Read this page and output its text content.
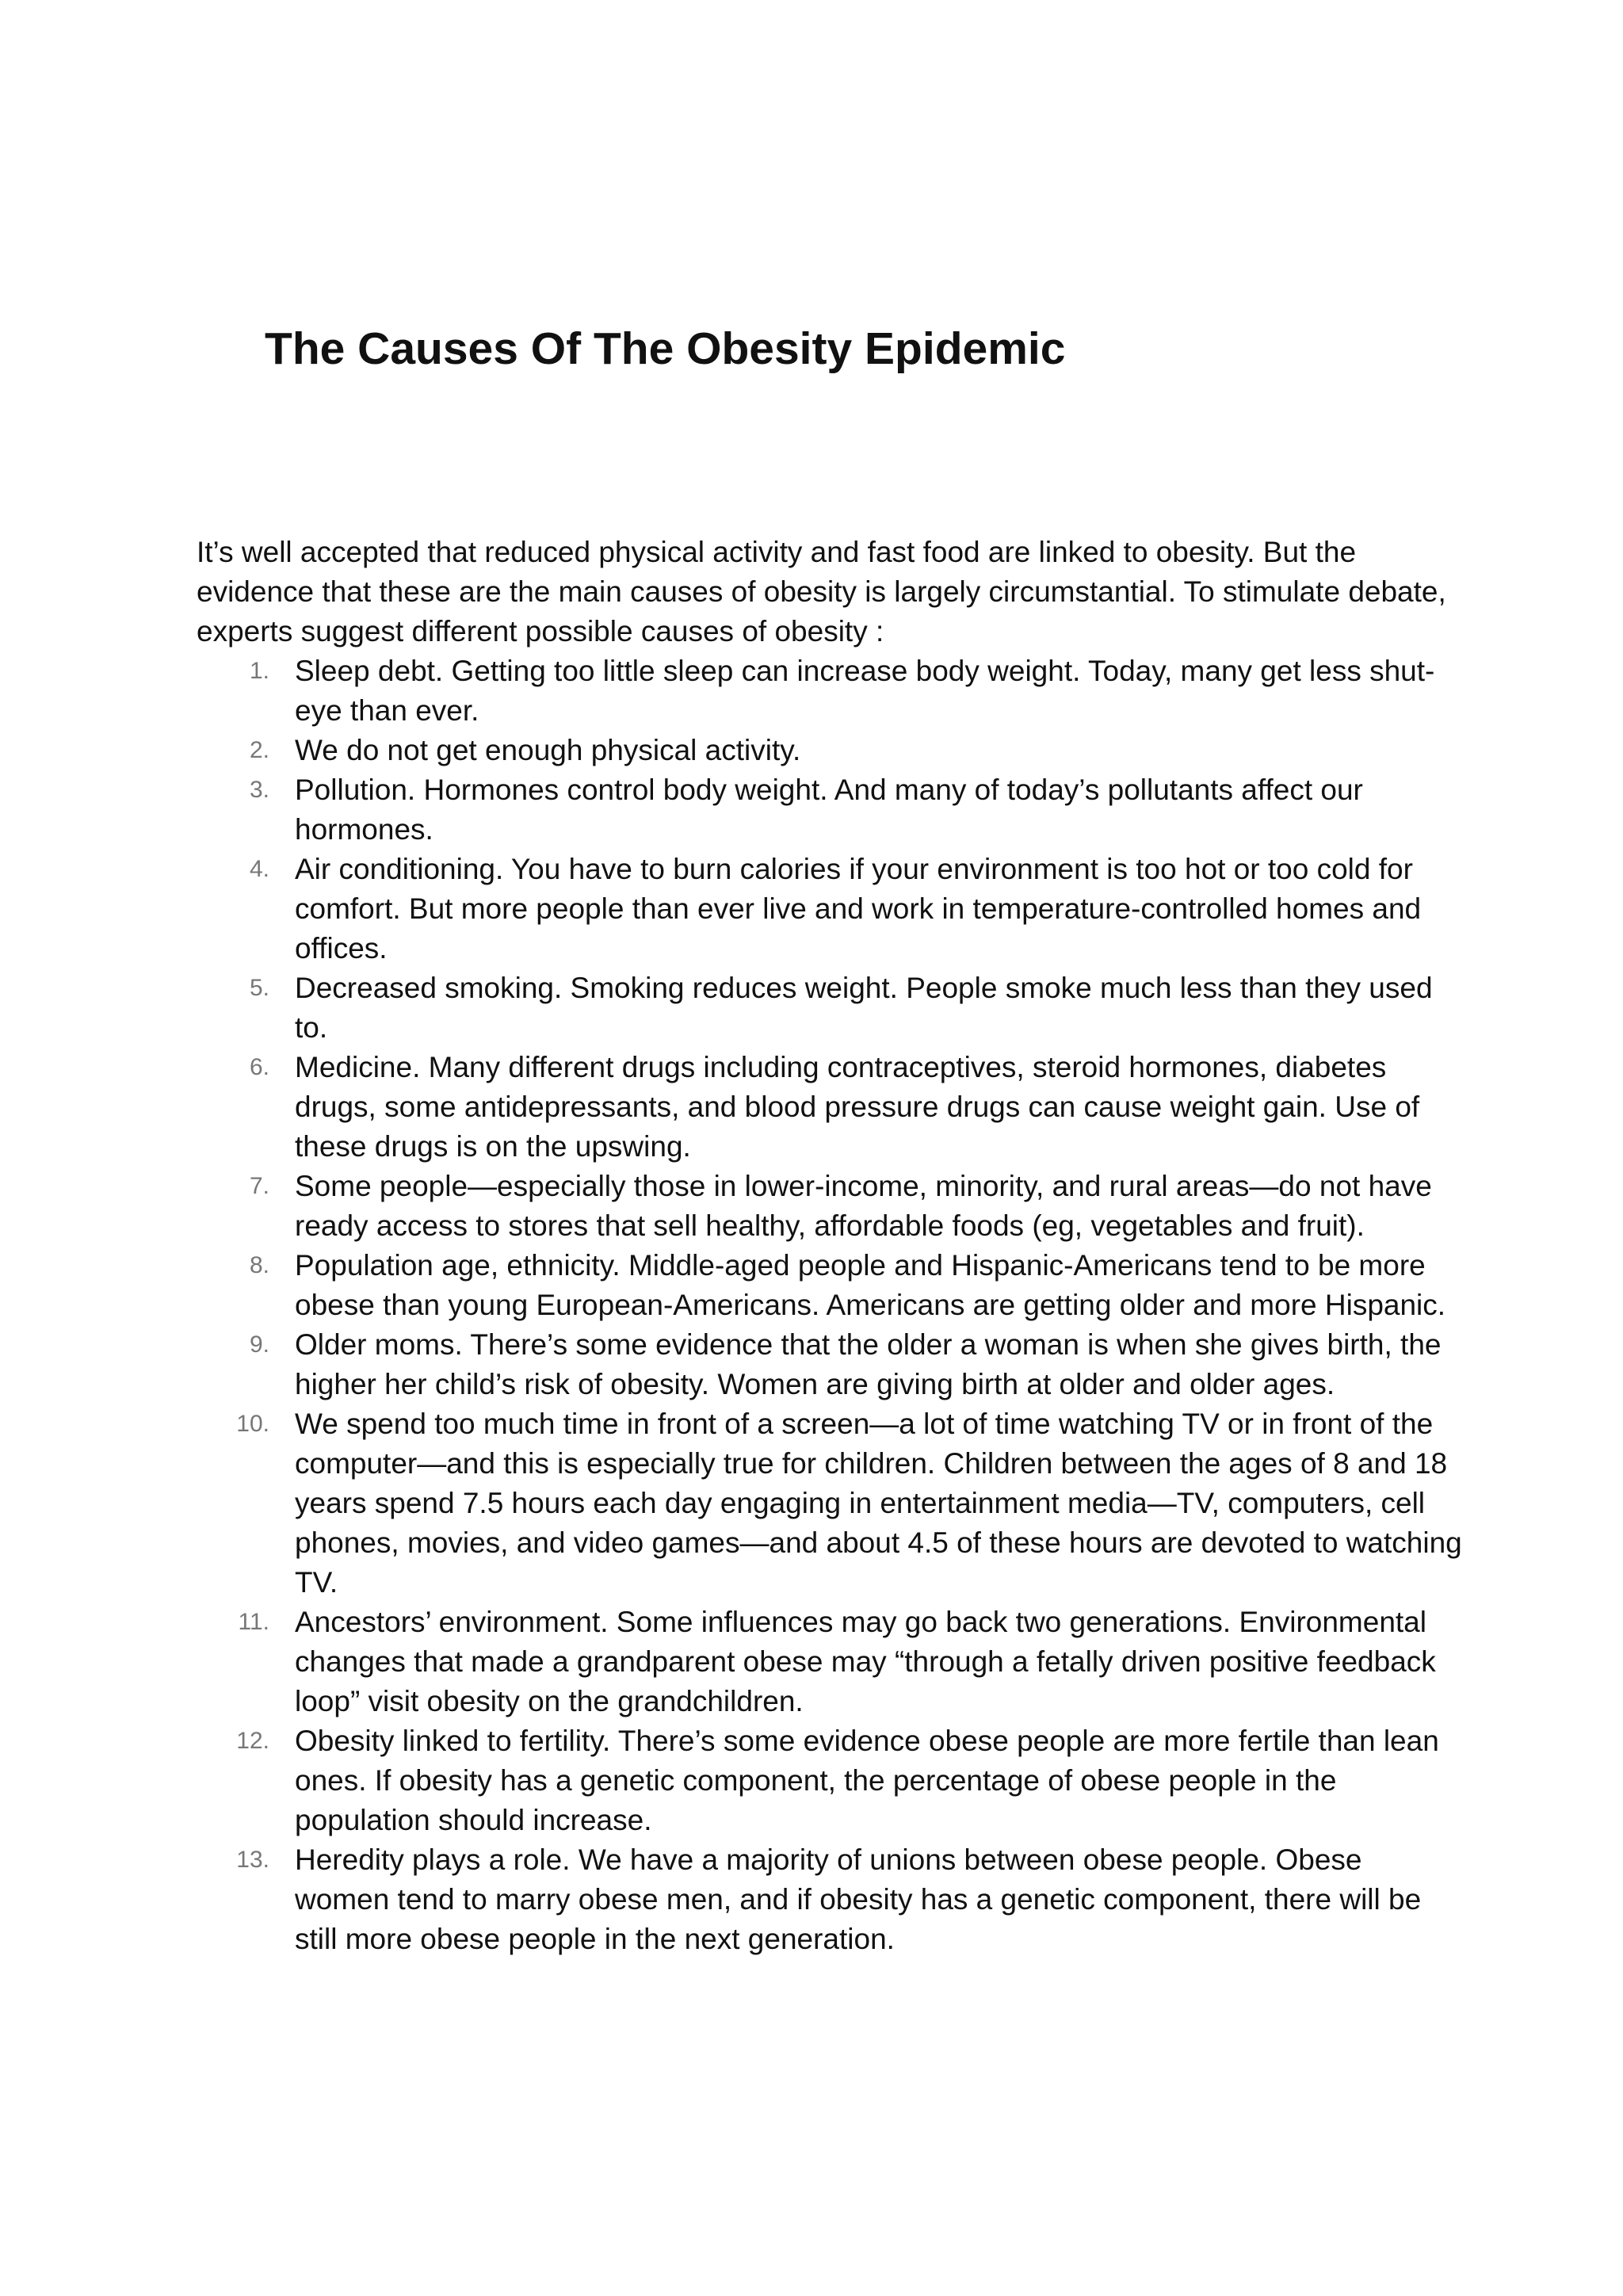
The Causes Of The Obesity Epidemic

It’s well accepted that reduced physical activity and fast food are linked to obesity. But the evidence that these are the main causes of obesity is largely circumstantial. To stimulate debate, experts suggest different possible causes of obesity :

1. Sleep debt. Getting too little sleep can increase body weight. Today, many get less shut-eye than ever.
2. We do not get enough physical activity.
3. Pollution. Hormones control body weight. And many of today’s pollutants affect our hormones.
4. Air conditioning. You have to burn calories if your environment is too hot or too cold for comfort. But more people than ever live and work in temperature-controlled homes and offices.
5. Decreased smoking. Smoking reduces weight. People smoke much less than they used to.
6. Medicine. Many different drugs including contraceptives, steroid hormones, diabetes drugs, some antidepressants, and blood pressure drugs can cause weight gain. Use of these drugs is on the upswing.
7. Some people—especially those in lower-income, minority, and rural areas—do not have ready access to stores that sell healthy, affordable foods (eg, vegetables and fruit).
8. Population age, ethnicity. Middle-aged people and Hispanic-Americans tend to be more obese than young European-Americans. Americans are getting older and more Hispanic.
9. Older moms. There’s some evidence that the older a woman is when she gives birth, the higher her child’s risk of obesity. Women are giving birth at older and older ages.
10. We spend too much time in front of a screen—a lot of time watching TV or in front of the computer—and this is especially true for children. Children between the ages of 8 and 18 years spend 7.5 hours each day engaging in entertainment media—TV, computers, cell phones, movies, and video games—and about 4.5 of these hours are devoted to watching TV.
11. Ancestors’ environment. Some influences may go back two generations. Environmental changes that made a grandparent obese may “through a fetally driven positive feedback loop” visit obesity on the grandchildren.
12. Obesity linked to fertility. There’s some evidence obese people are more fertile than lean ones. If obesity has a genetic component, the percentage of obese people in the population should increase.
13. Heredity plays a role. We have a majority of unions between obese people. Obese women tend to marry obese men, and if obesity has a genetic component, there will be still more obese people in the next generation.
